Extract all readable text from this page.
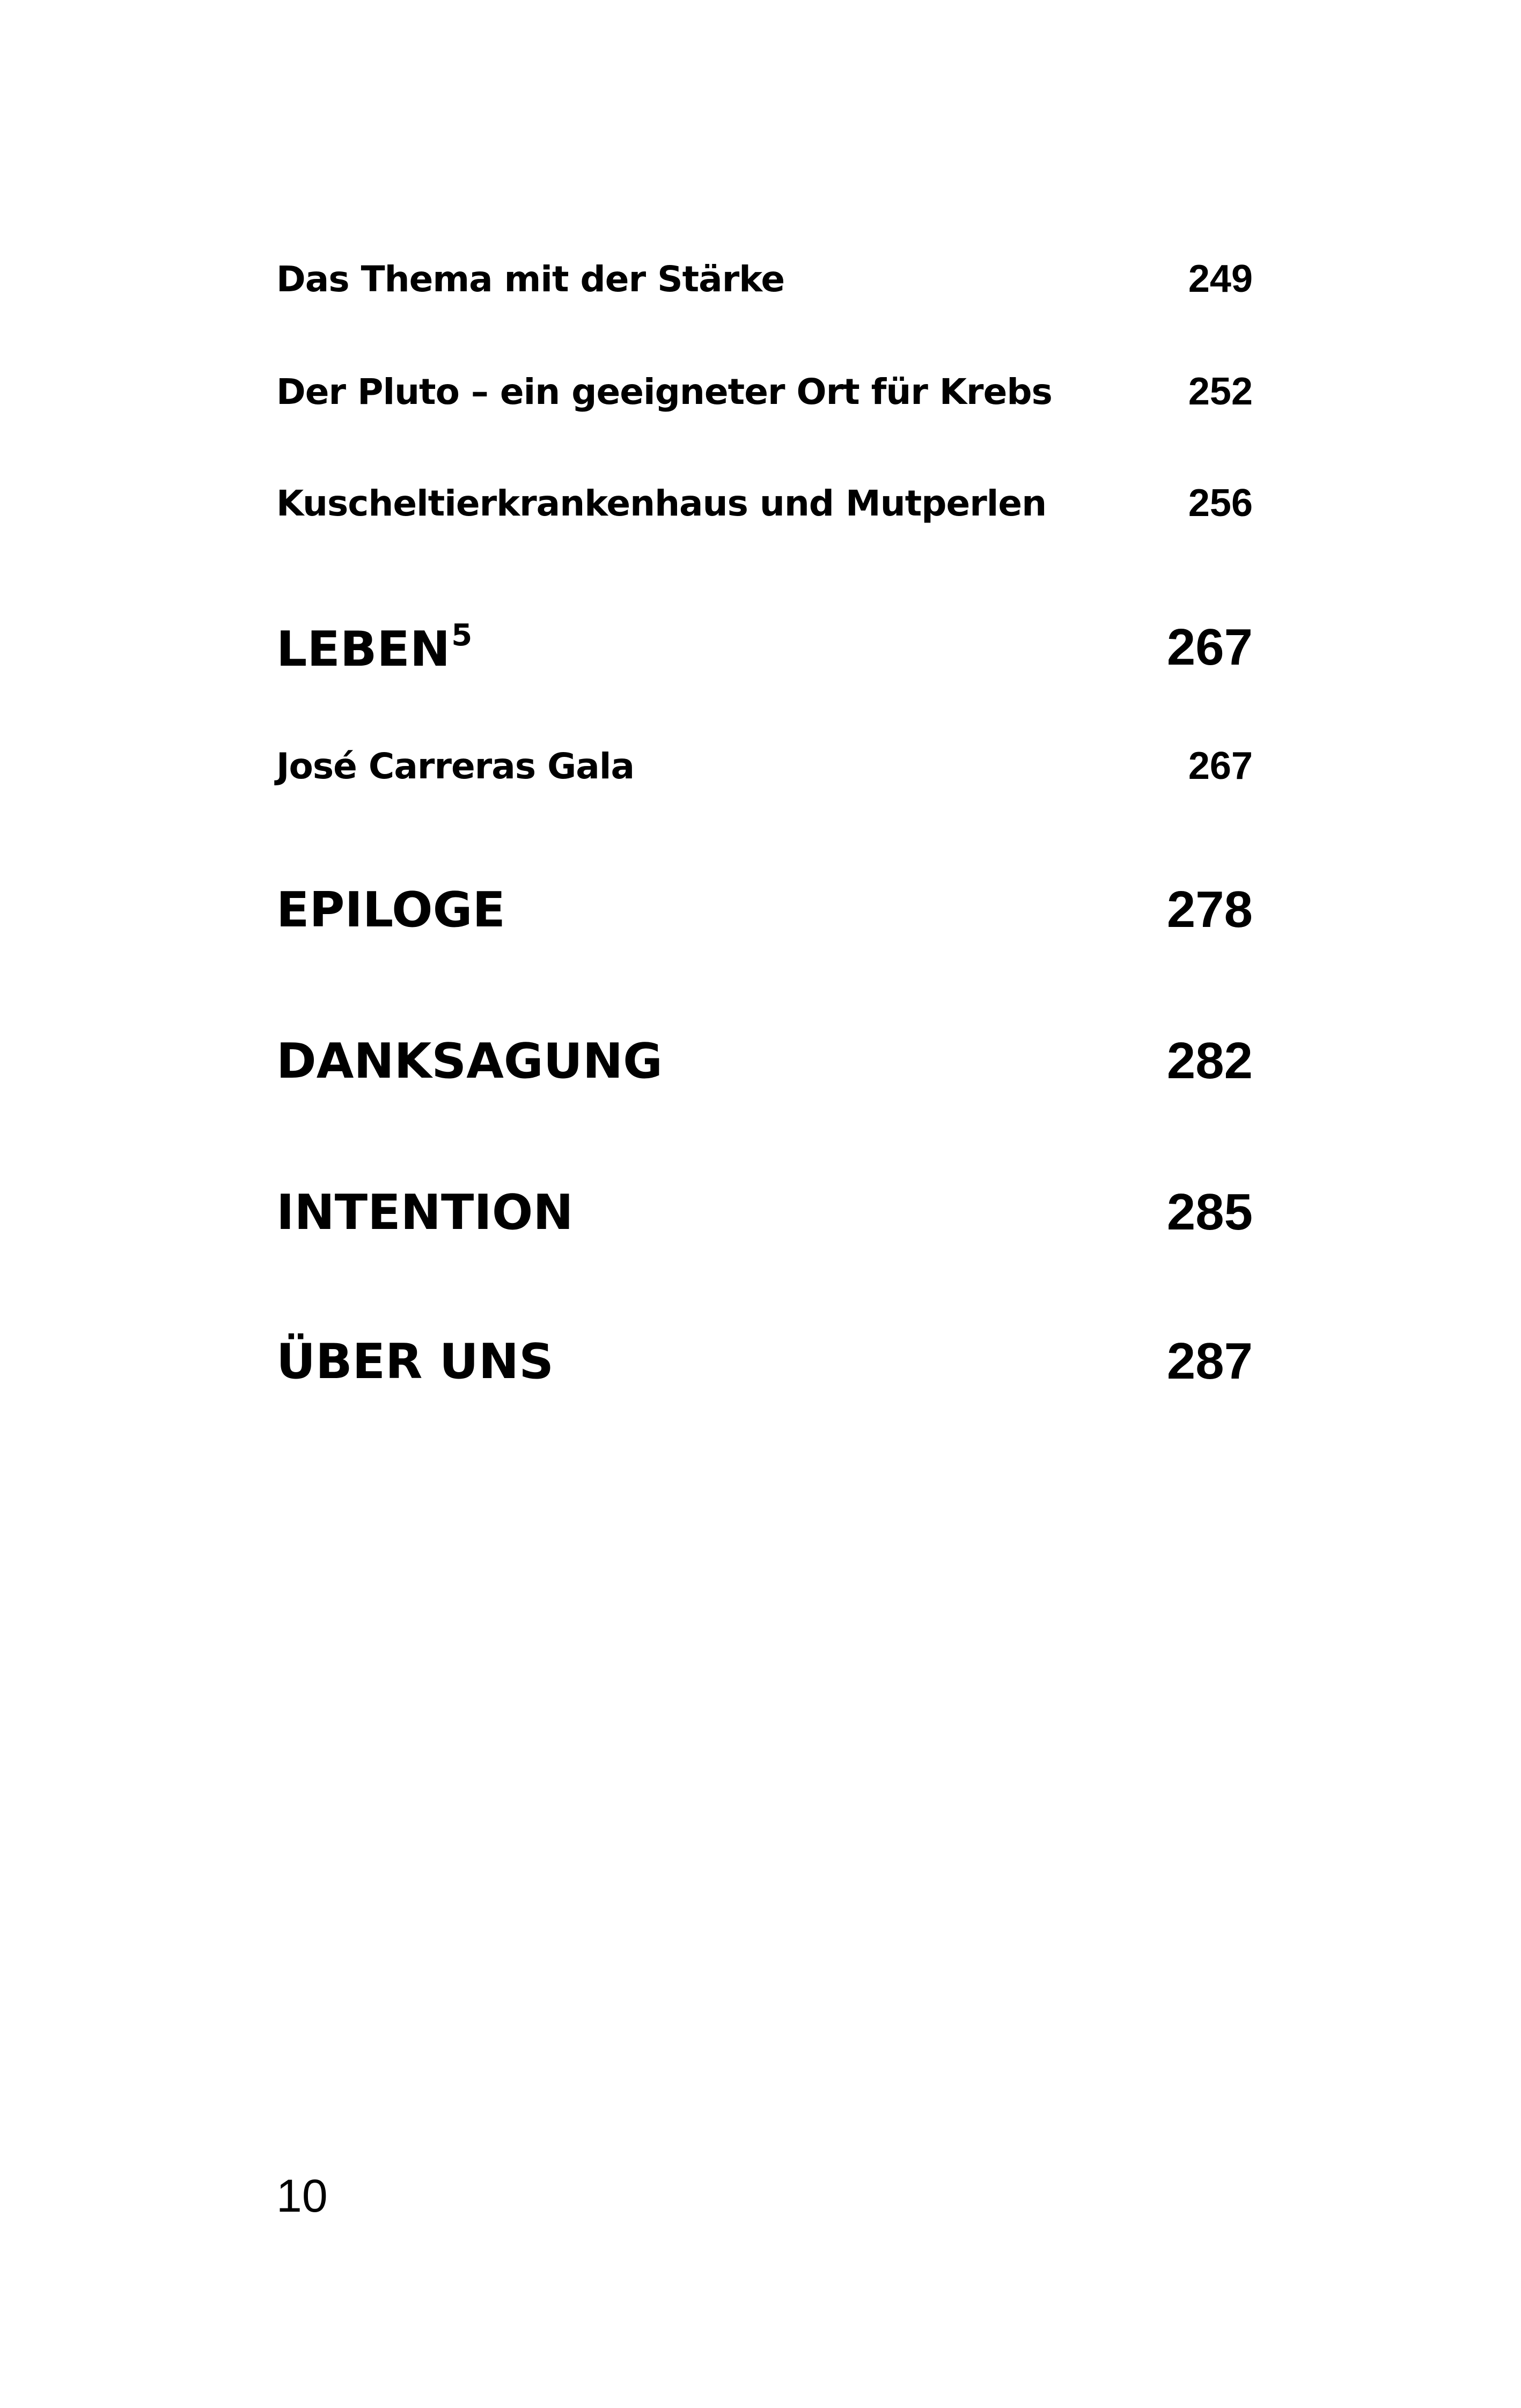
Das Thema mit der Stärke	249
Der Pluto – ein geeigneter Ort für Krebs	252
Kuscheltierkrankenhaus und Mutperlen	256
LEBEN$^5$	267
José Carreras Gala	267
EPILOGE	278
DANKSAGUNG	282
INTENTION	285
ÜBER UNS	287
10
